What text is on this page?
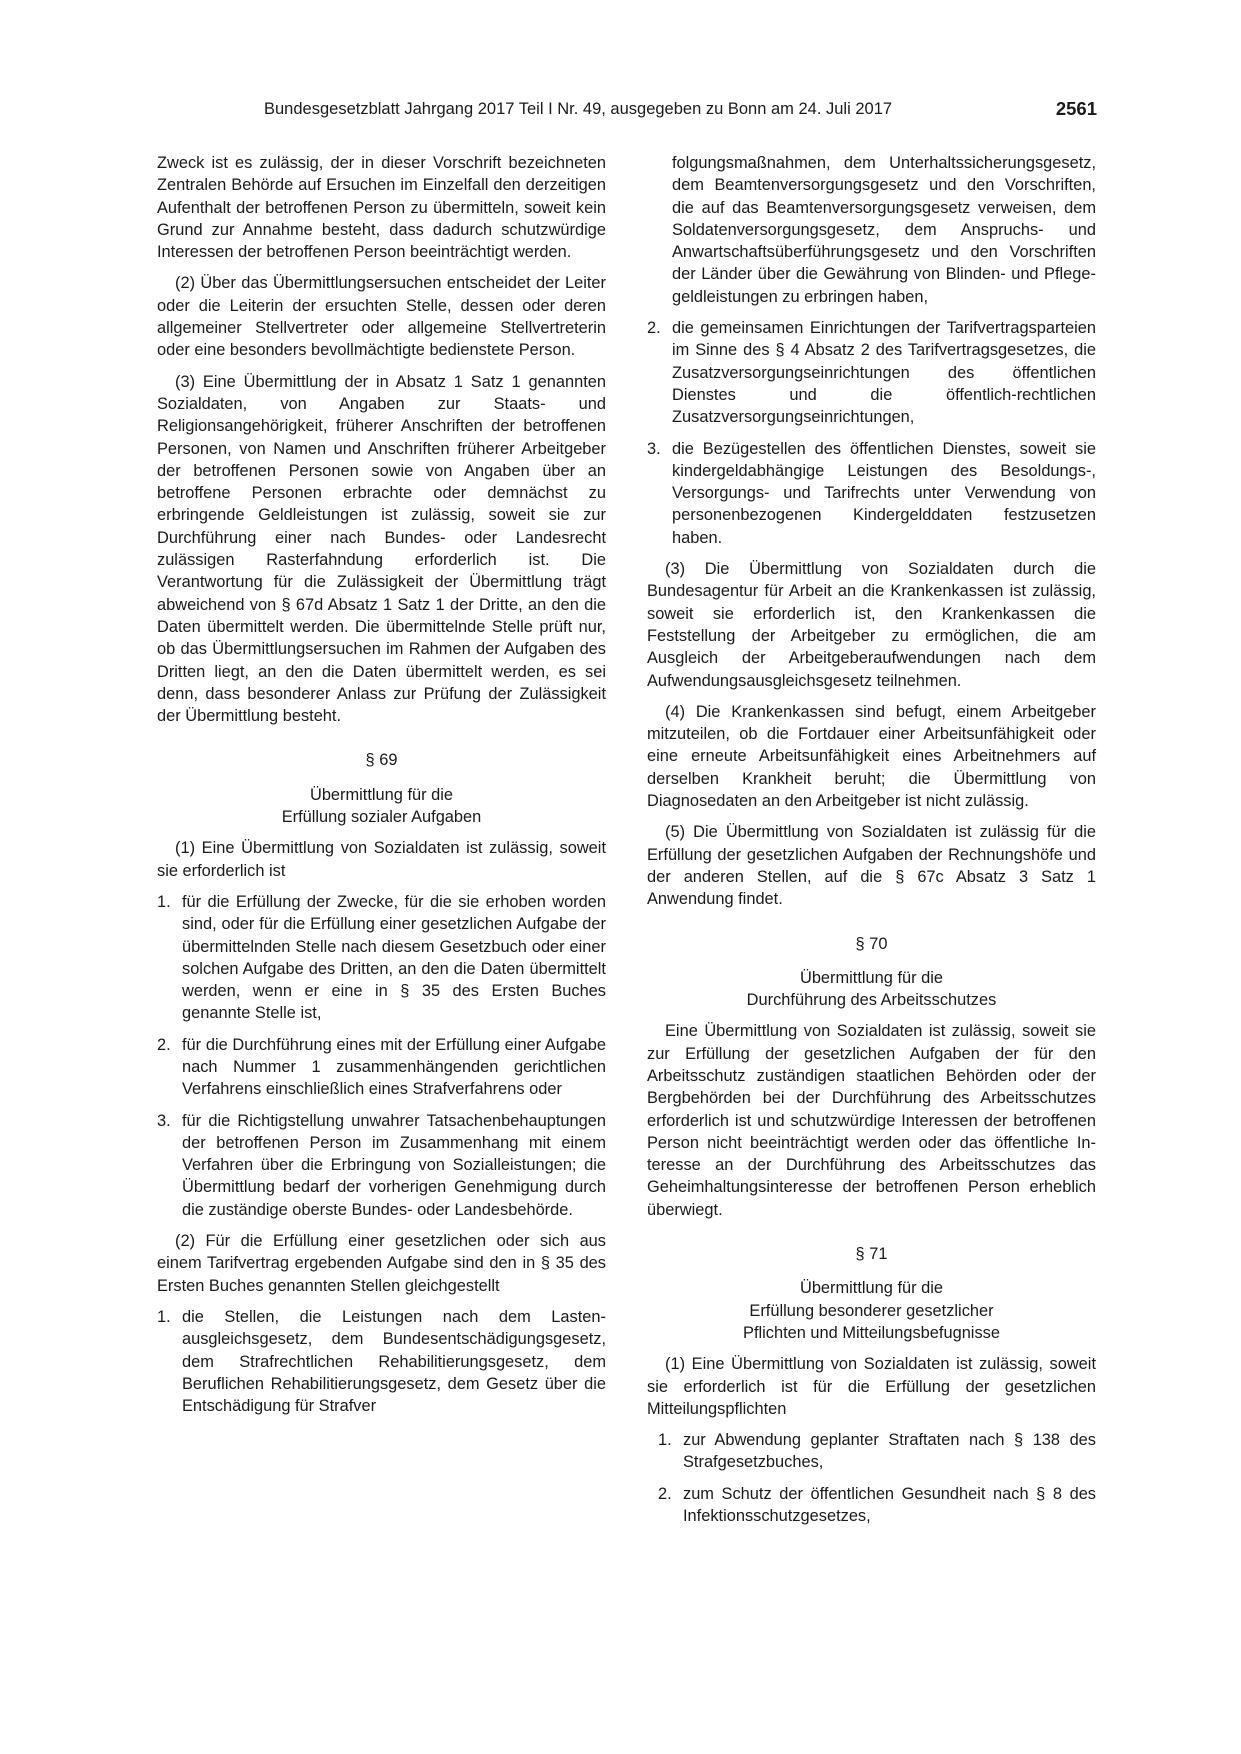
Bundesgesetzblatt Jahrgang 2017 Teil I Nr. 49, ausgegeben zu Bonn am 24. Juli 2017	2561

Zweck ist es zulässig, der in dieser Vorschrift bezeichneten Zentralen Behörde auf Ersuchen im Einzelfall den derzeitigen Aufenthalt der betroffenen Person zu übermitteln, soweit kein Grund zur Annahme besteht, dass dadurch schutzwürdige Interessen der betroffenen Person beeinträchtigt werden.

(2) Über das Übermittlungsersuchen entscheidet der Leiter oder die Leiterin der ersuchten Stelle, dessen oder deren allgemeiner Stellvertreter oder allgemeine Stellvertreterin oder eine besonders bevollmächtigte bedienstete Person.

(3) Eine Übermittlung der in Absatz 1 Satz 1 genannten Sozialdaten, von Angaben zur Staats- und Religionsangehörigkeit, früherer Anschriften der betroffenen Personen, von Namen und Anschriften früherer Arbeitgeber der betroffenen Personen sowie von Angaben über an betroffene Personen erbrachte oder demnächst zu erbringende Geldleistungen ist zulässig, soweit sie zur Durchführung einer nach Bundes- oder Landesrecht zulässigen Rasterfahndung erforderlich ist. Die Verantwortung für die Zulässigkeit der Übermittlung trägt abweichend von § 67d Absatz 1 Satz 1 der Dritte, an den die Daten übermittelt werden. Die übermittelnde Stelle prüft nur, ob das Übermittlungsersuchen im Rahmen der Aufgaben des Dritten liegt, an den die Daten übermittelt werden, es sei denn, dass besonderer Anlass zur Prüfung der Zulässigkeit der Übermittlung besteht.

§ 69

Übermittlung für die

Erfüllung sozialer Aufgaben

(1) Eine Übermittlung von Sozialdaten ist zulässig, soweit sie erforderlich ist

1. für die Erfüllung der Zwecke, für die sie erhoben worden sind, oder für die Erfüllung einer gesetzlichen Aufgabe der übermittelnden Stelle nach diesem Gesetzbuch oder einer solchen Aufgabe des Dritten, an den die Daten übermittelt werden, wenn er eine in § 35 des Ersten Buches genannte Stelle ist,
2. für die Durchführung eines mit der Erfüllung einer Aufgabe nach Nummer 1 zusammenhängenden gerichtlichen Verfahrens einschließlich eines Strafverfahrens oder
3. für die Richtigstellung unwahrer Tatsachenbehauptungen der betroffenen Person im Zusammenhang mit einem Verfahren über die Erbringung von Sozialleistungen; die Übermittlung bedarf der vorherigen Genehmigung durch die zuständige oberste Bundes- oder Landesbehörde.

(2) Für die Erfüllung einer gesetzlichen oder sich aus einem Tarifvertrag ergebenden Aufgabe sind den in § 35 des Ersten Buches genannten Stellen gleichgestellt

1. die Stellen, die Leistungen nach dem Lastenausgleichsgesetz, dem Bundesentschädigungsgesetz, dem Strafrechtlichen Rehabilitierungsgesetz, dem Beruflichen Rehabilitierungsgesetz, dem Gesetz über die Entschädigung für Strafver
folgungsmaßnahmen, dem Unterhaltssicherungsgesetz, dem Beamtenversorgungsgesetz und den Vorschriften, die auf das Beamtenversorgungsgesetz verweisen, dem Soldatenversorgungsgesetz, dem Anspruchs- und Anwartschaftsüberführungsgesetz und den Vorschriften der Länder über die Gewährung von Blinden- und Pflegegeldleistungen zu erbringen haben,
2. die gemeinsamen Einrichtungen der Tarifvertragsparteien im Sinne des § 4 Absatz 2 des Tarifvertragsgesetzes, die Zusatzversorgungseinrichtungen des öffentlichen Dienstes und die öffentlich-rechtlichen Zusatzversorgungseinrichtungen,
3. die Bezügestellen des öffentlichen Dienstes, soweit sie kindergeldabhängige Leistungen des Besoldungs-, Versorgungs- und Tarifrechts unter Verwendung von personenbezogenen Kindergelddaten festzusetzen haben.

(3) Die Übermittlung von Sozialdaten durch die Bundesagentur für Arbeit an die Krankenkassen ist zulässig, soweit sie erforderlich ist, den Krankenkassen die Feststellung der Arbeitgeber zu ermöglichen, die am Ausgleich der Arbeitgeberaufwendungen nach dem Aufwendungsausgleichsgesetz teilnehmen.

(4) Die Krankenkassen sind befugt, einem Arbeitgeber mitzuteilen, ob die Fortdauer einer Arbeitsunfähigkeit oder eine erneute Arbeitsunfähigkeit eines Arbeitnehmers auf derselben Krankheit beruht; die Übermittlung von Diagnosedaten an den Arbeitgeber ist nicht zulässig.

(5) Die Übermittlung von Sozialdaten ist zulässig für die Erfüllung der gesetzlichen Aufgaben der Rechnungshöfe und der anderen Stellen, auf die § 67c Absatz 3 Satz 1 Anwendung findet.

§ 70

Übermittlung für die

Durchführung des Arbeitsschutzes

Eine Übermittlung von Sozialdaten ist zulässig, soweit sie zur Erfüllung der gesetzlichen Aufgaben der für den Arbeitsschutz zuständigen staatlichen Behörden oder der Bergbehörden bei der Durchführung des Arbeitsschutzes erforderlich ist und schutzwürdige Interessen der betroffenen Person nicht beeinträchtigt werden oder das öffentliche Interesse an der Durchführung des Arbeitsschutzes das Geheimhaltungsinteresse der betroffenen Person erheblich überwiegt.

§ 71

Übermittlung für die

Erfüllung besonderer gesetzlicher

Pflichten und Mitteilungsbefugnisse

(1) Eine Übermittlung von Sozialdaten ist zulässig, soweit sie erforderlich ist für die Erfüllung der gesetzlichen Mitteilungspflichten

1. zur Abwendung geplanter Straftaten nach § 138 des Strafgesetzbuches,
2. zum Schutz der öffentlichen Gesundheit nach § 8 des Infektionsschutzgesetzes,
